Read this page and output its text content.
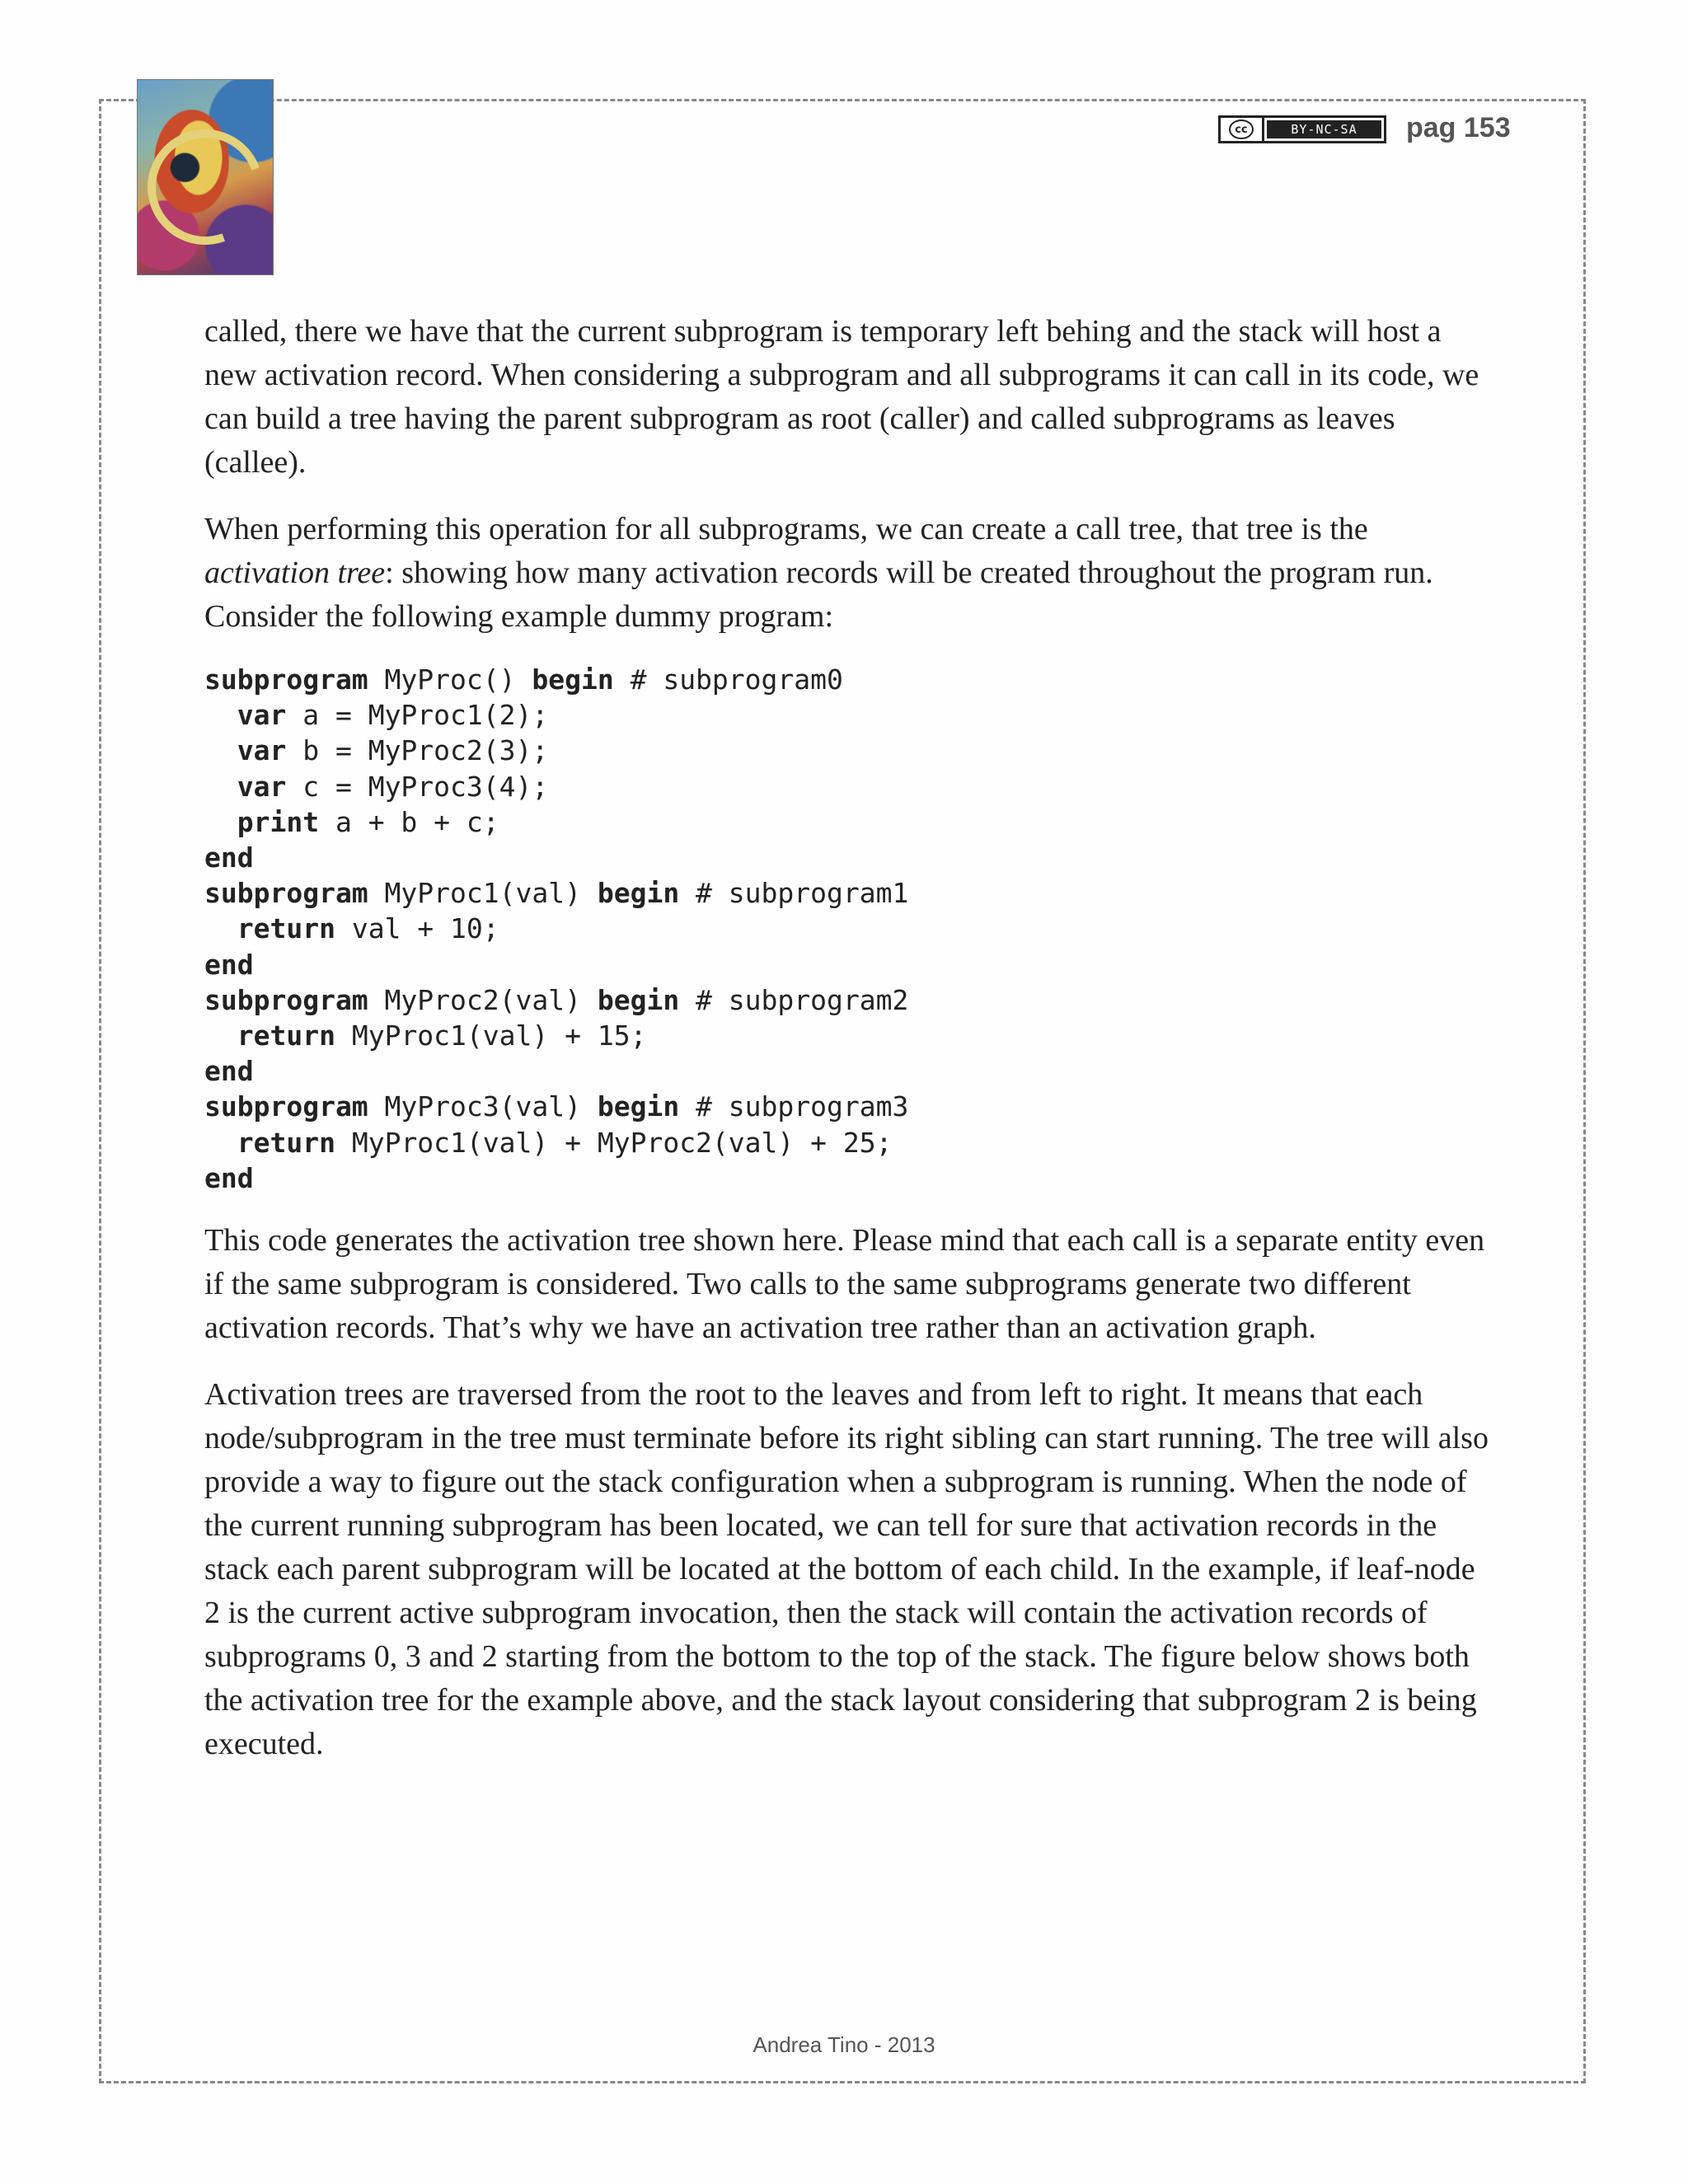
cc	BY-NC-SA	pag 153

called, there we have that the current subprogram is temporary left behing and the stack will host a new activation record. When considering a subprogram and all subprograms it can call in its code, we can build a tree having the parent subprogram as root (caller) and called subprograms as leaves (callee).

When performing this operation for all subprograms, we can create a call tree, that tree is the activation tree: showing how many activation records will be created throughout the program run. Consider the following example dummy program:

subprogram MyProc() begin # subprogram0
var a = MyProc1(2);
var b = MyProc2(3);
var c = MyProc3(4);
print a + b + c;
end
subprogram MyProc1(val) begin # subprogram1
return val + 10;
end
subprogram MyProc2(val) begin # subprogram2
return MyProc1(val) + 15;
end
subprogram MyProc3(val) begin # subprogram3
return MyProc1(val) + MyProc2(val) + 25;
end

This code generates the activation tree shown here. Please mind that each call is a separate entity even if the same subprogram is considered. Two calls to the same subprograms generate two different activation records. That’s why we have an activation tree rather than an activation graph.

Activation trees are traversed from the root to the leaves and from left to right. It means that each node/subprogram in the tree must terminate before its right sibling can start running. The tree will also provide a way to figure out the stack configuration when a subprogram is running. When the node of the current running subprogram has been located, we can tell for sure that activation records in the stack each parent subprogram will be located at the bottom of each child. In the example, if leaf-node 2 is the current active subprogram invocation, then the stack will contain the activation records of subprograms 0, 3 and 2 starting from the bottom to the top of the stack. The figure below shows both the activation tree for the example above, and the stack layout considering that subprogram 2 is being executed.

Andrea Tino - 2013
